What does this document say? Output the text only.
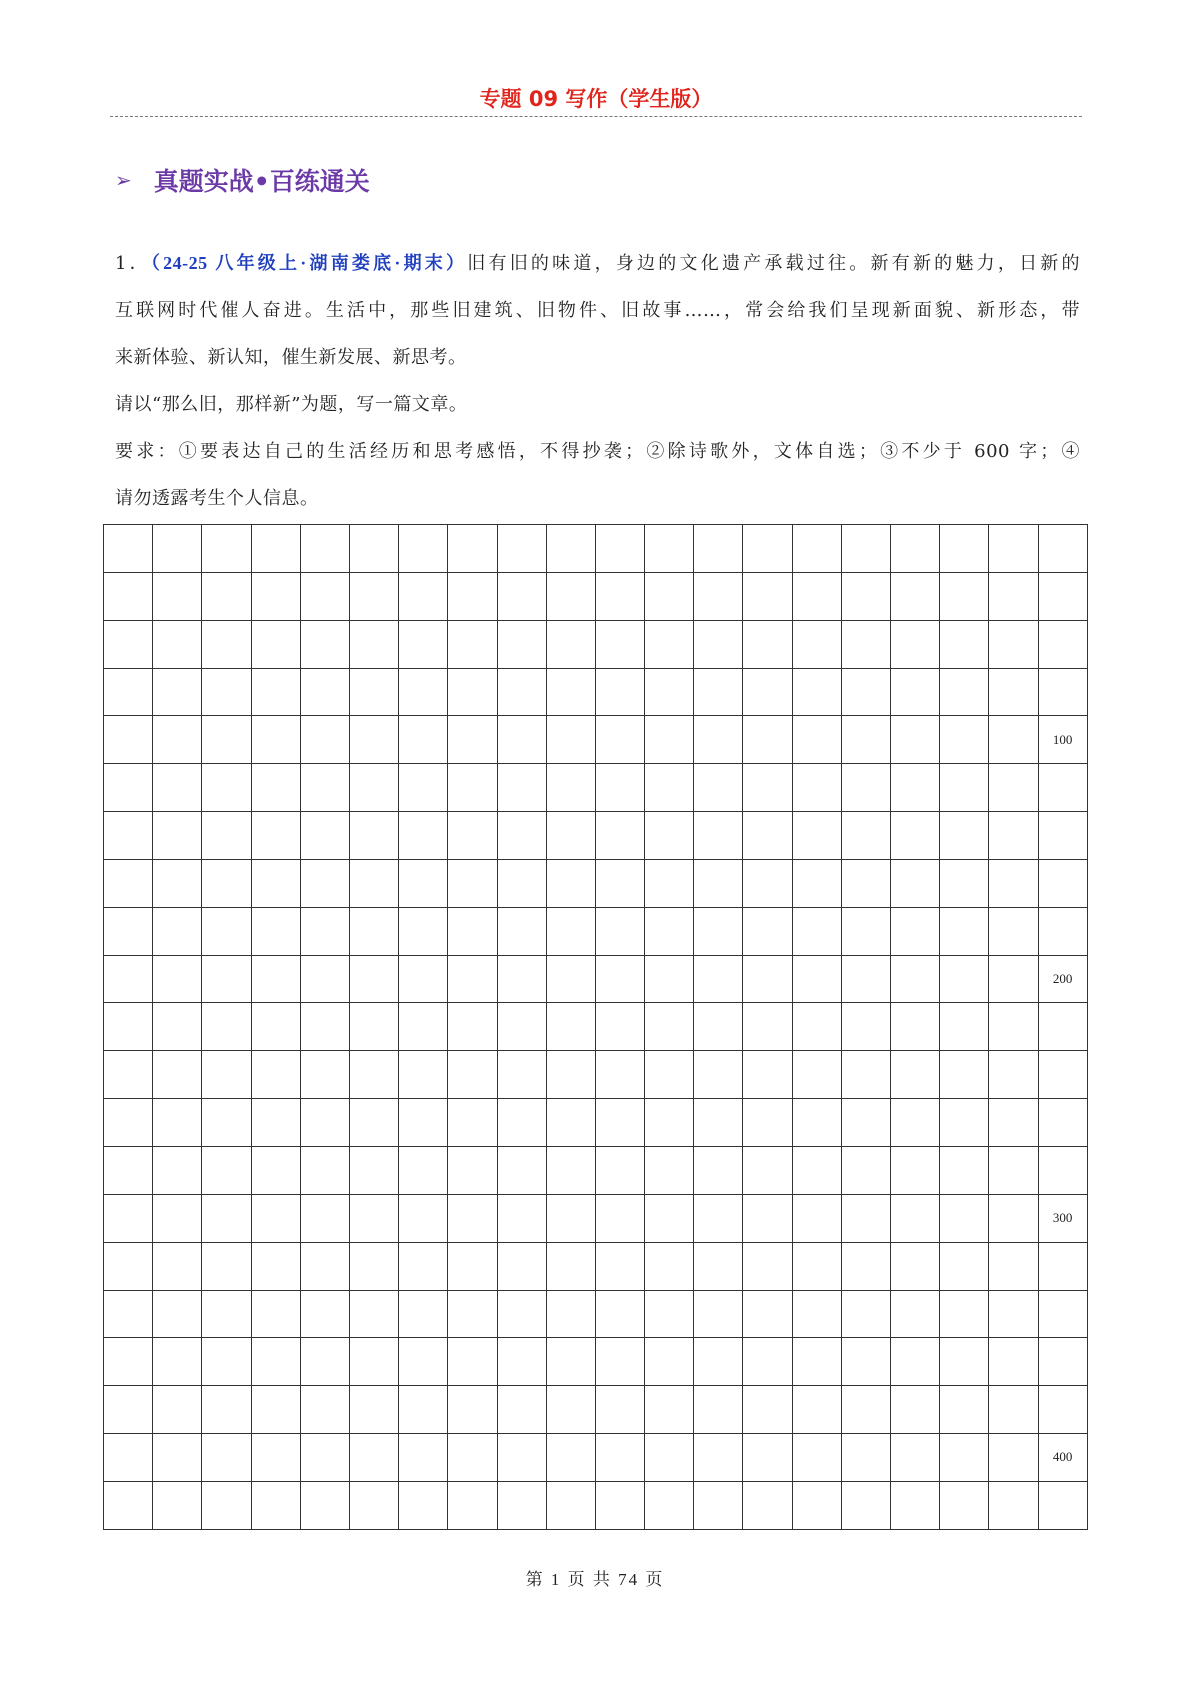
专题 09 写作（学生版）
➢ 真题实战•百练通关
1．（24-25 八年级上·湖南娄底·期末）旧有旧的味道，身边的文化遗产承载过往。新有新的魅力，日新的
互联网时代催人奋进。生活中，那些旧建筑、旧物件、旧故事……，常会给我们呈现新面貌、新形态，带
来新体验、新认知，催生新发展、新思考。
请以“那么旧，那样新”为题，写一篇文章。
要求：①要表达自己的生活经历和思考感悟，不得抄袭；②除诗歌外，文体自选；③不少于 600 字；④
请勿透露考生个人信息。
100
200
300
400
第 1 页 共 74 页
